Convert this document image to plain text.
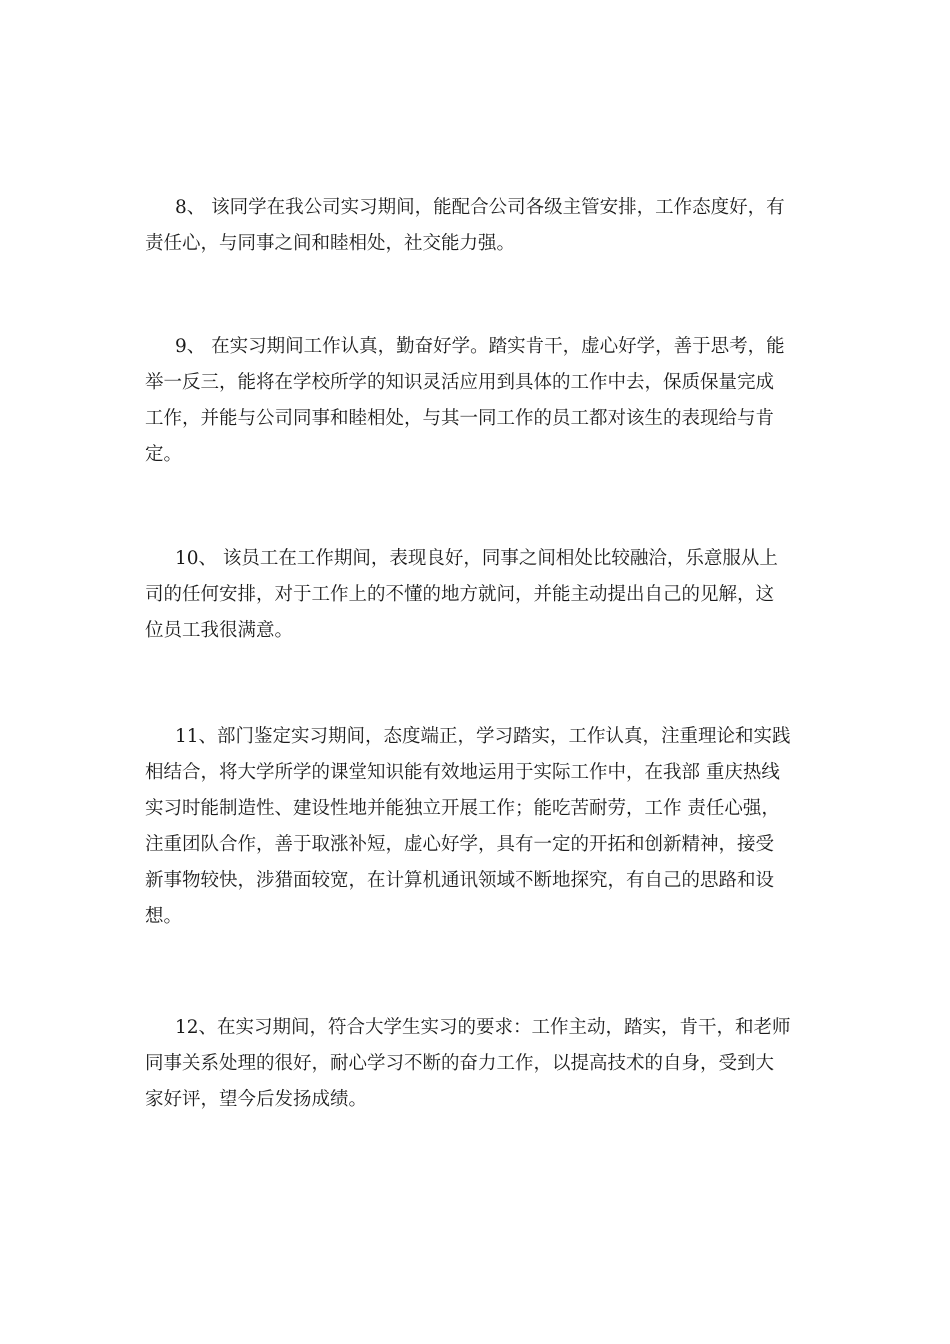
8、 该同学在我公司实习期间，能配合公司各级主管安排，工作态度好，有
责任心，与同事之间和睦相处，社交能力强。
9、 在实习期间工作认真，勤奋好学。踏实肯干，虚心好学，善于思考，能
举一反三，能将在学校所学的知识灵活应用到具体的工作中去，保质保量完成
工作，并能与公司同事和睦相处，与其一同工作的员工都对该生的表现给与肯
定。
10、 该员工在工作期间，表现良好，同事之间相处比较融洽，乐意服从上
司的任何安排，对于工作上的不懂的地方就问，并能主动提出自己的见解，这
位员工我很满意。
11、部门鉴定实习期间，态度端正，学习踏实，工作认真，注重理论和实践
相结合，将大学所学的课堂知识能有效地运用于实际工作中，在我部 重庆热线
实习时能制造性、建设性地并能独立开展工作；能吃苦耐劳，工作 责任心强，
注重团队合作，善于取涨补短，虚心好学，具有一定的开拓和创新精神，接受
新事物较快，涉猎面较宽，在计算机通讯领域不断地探究，有自己的思路和设
想。
12、在实习期间，符合大学生实习的要求：工作主动，踏实，肯干，和老师
同事关系处理的很好，耐心学习不断的奋力工作，以提高技术的自身，受到大
家好评，望今后发扬成绩。
